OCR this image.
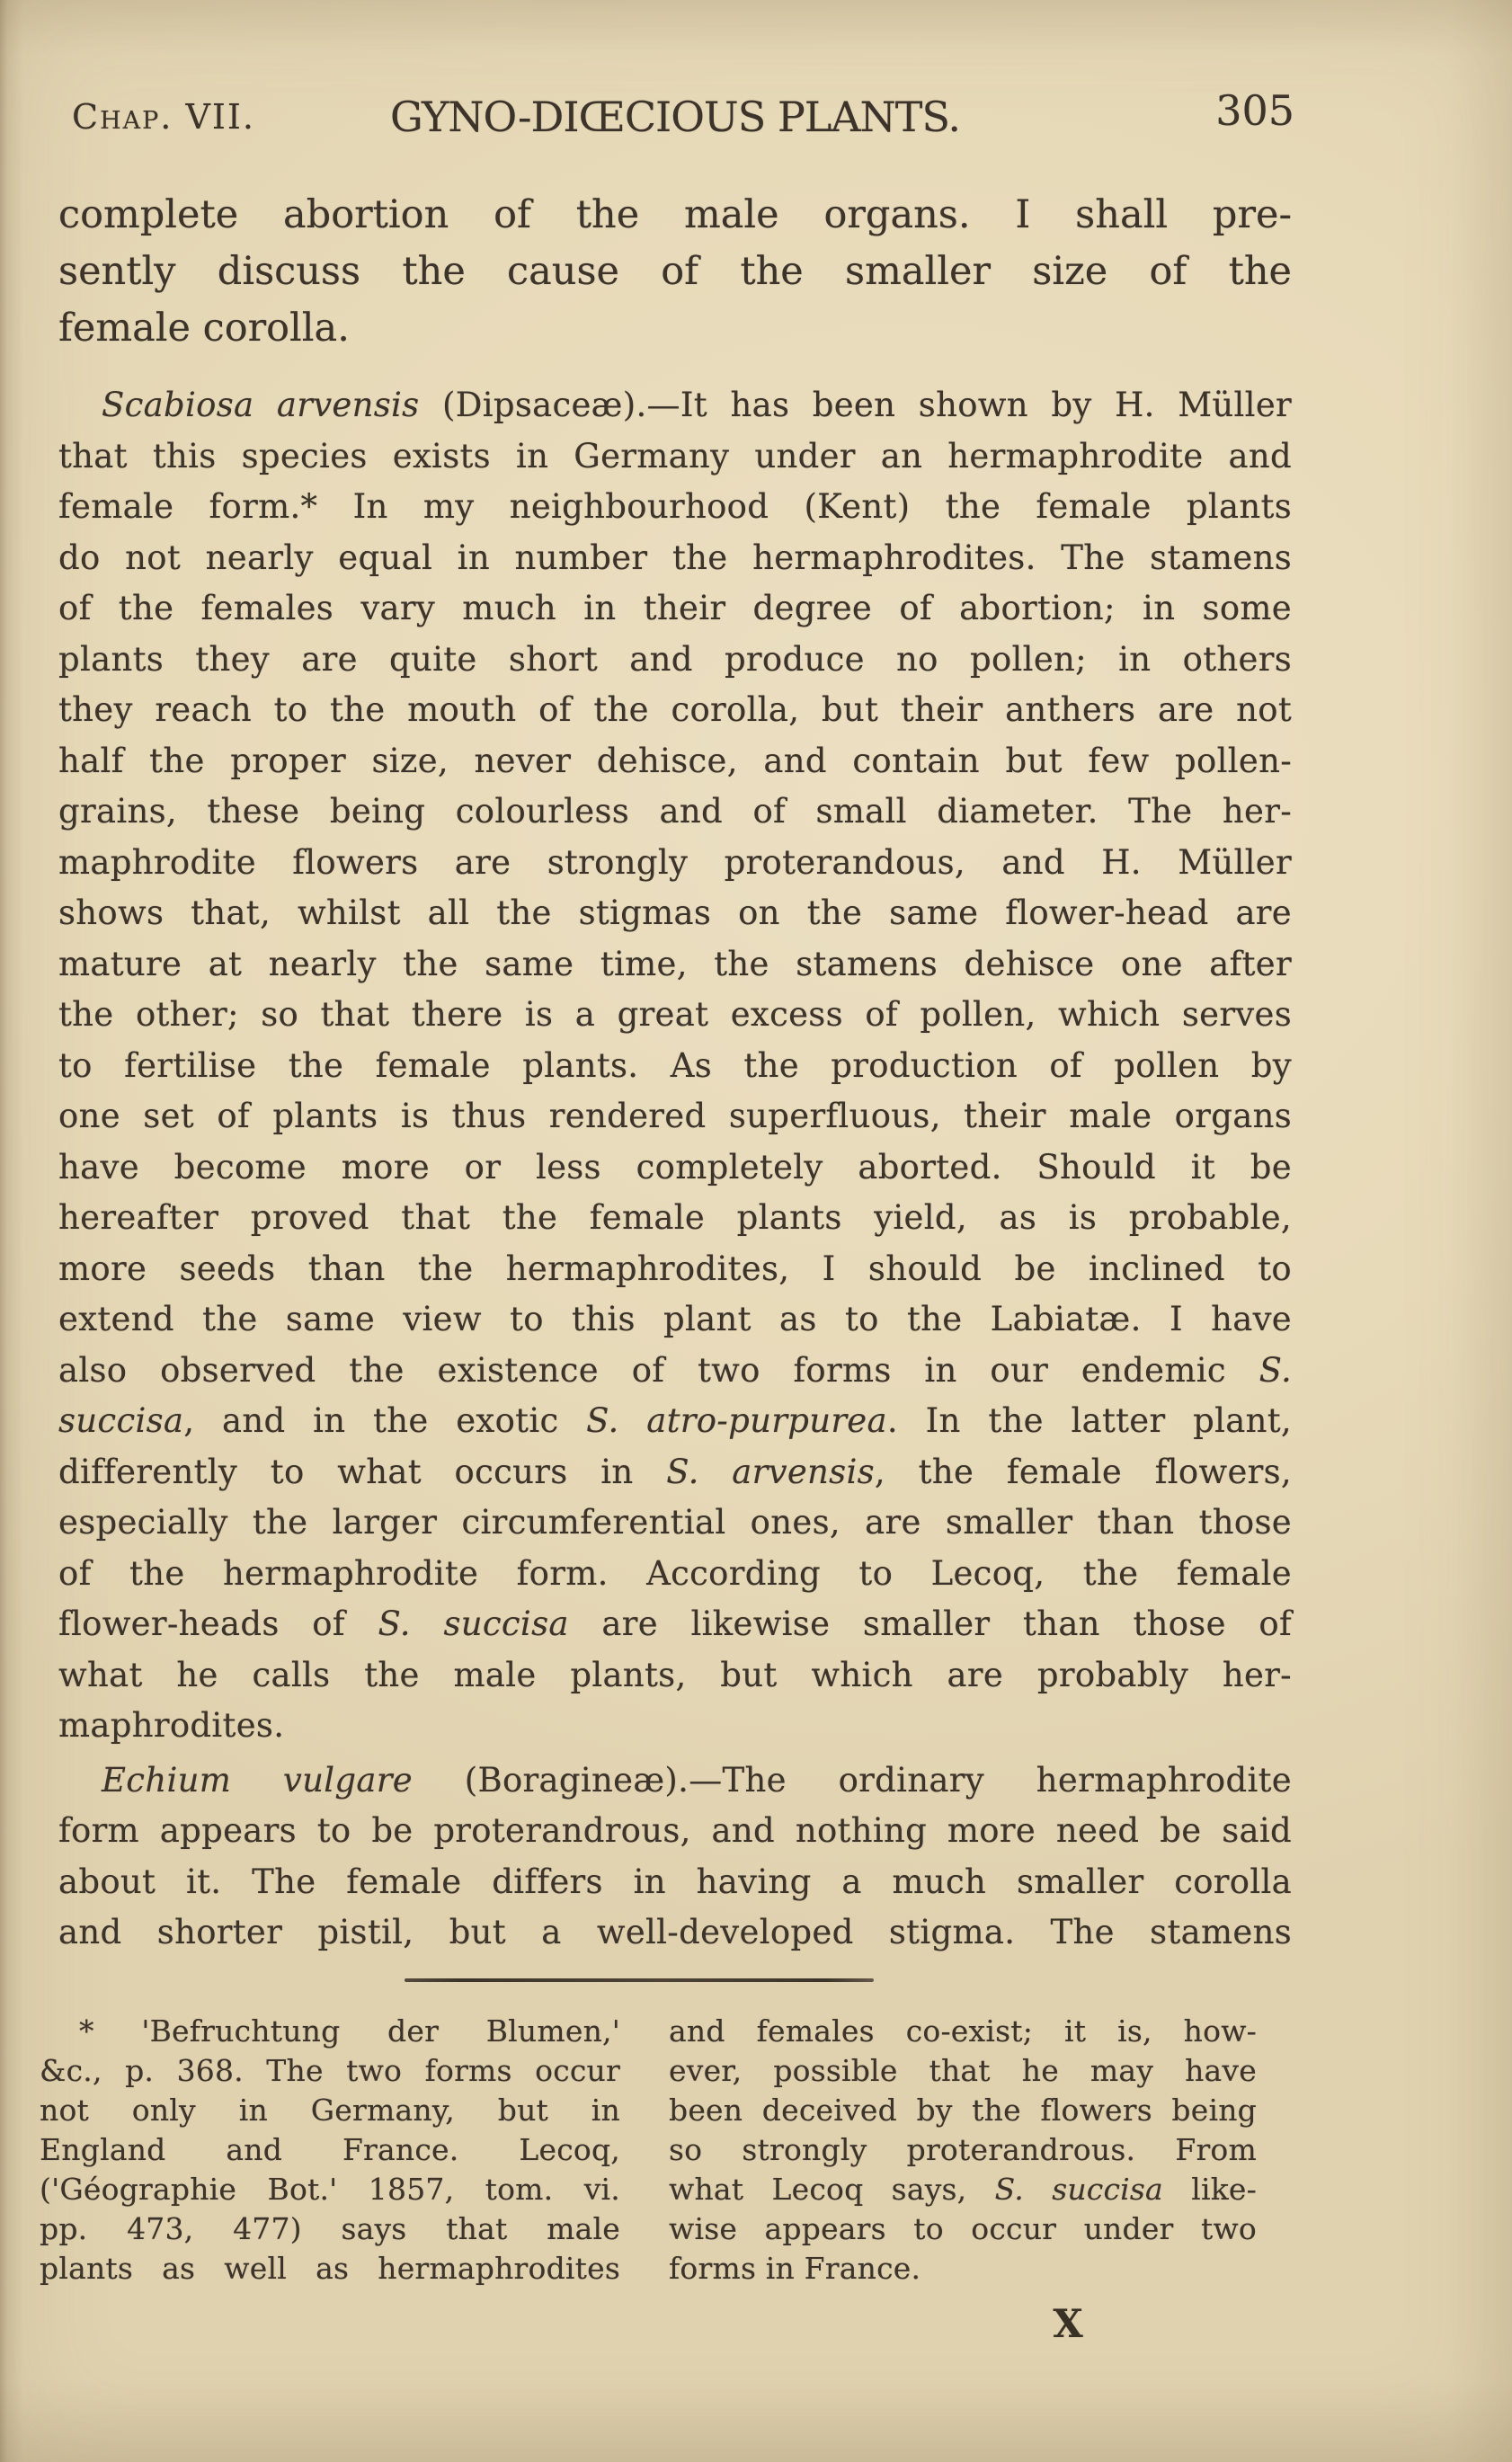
Chap. VII.	GYNO-DIŒCIOUS PLANTS.	305
complete abortion of the male organs. I shall pre-
sently discuss the cause of the smaller size of the
female corolla.
Scabiosa arvensis (Dipsaceæ).—It has been shown by H. Müller
that this species exists in Germany under an hermaphrodite and
female form.* In my neighbourhood (Kent) the female plants
do not nearly equal in number the hermaphrodites. The stamens
of the females vary much in their degree of abortion; in some
plants they are quite short and produce no pollen; in others
they reach to the mouth of the corolla, but their anthers are not
half the proper size, never dehisce, and contain but few pollen-
grains, these being colourless and of small diameter. The her-
maphrodite flowers are strongly proterandous, and H. Müller
shows that, whilst all the stigmas on the same flower-head are
mature at nearly the same time, the stamens dehisce one after
the other; so that there is a great excess of pollen, which serves
to fertilise the female plants. As the production of pollen by
one set of plants is thus rendered superfluous, their male organs
have become more or less completely aborted. Should it be
hereafter proved that the female plants yield, as is probable,
more seeds than the hermaphrodites, I should be inclined to
extend the same view to this plant as to the Labiatæ. I have
also observed the existence of two forms in our endemic S.
succisa, and in the exotic S. atro-purpurea. In the latter plant,
differently to what occurs in S. arvensis, the female flowers,
especially the larger circumferential ones, are smaller than those
of the hermaphrodite form. According to Lecoq, the female
flower-heads of S. succisa are likewise smaller than those of
what he calls the male plants, but which are probably her-
maphrodites.
Echium vulgare (Boragineæ).—The ordinary hermaphrodite
form appears to be proterandrous, and nothing more need be said
about it. The female differs in having a much smaller corolla
and shorter pistil, but a well-developed stigma. The stamens
* 'Befruchtung der Blumen,'
&c., p. 368. The two forms occur
not only in Germany, but in
England and France. Lecoq,
('Géographie Bot.' 1857, tom. vi.
pp. 473, 477) says that male
plants as well as hermaphrodites
and females co-exist; it is, how-
ever, possible that he may have
been deceived by the flowers being
so strongly proterandrous. From
what Lecoq says, S. succisa like-
wise appears to occur under two
forms in France.
X
